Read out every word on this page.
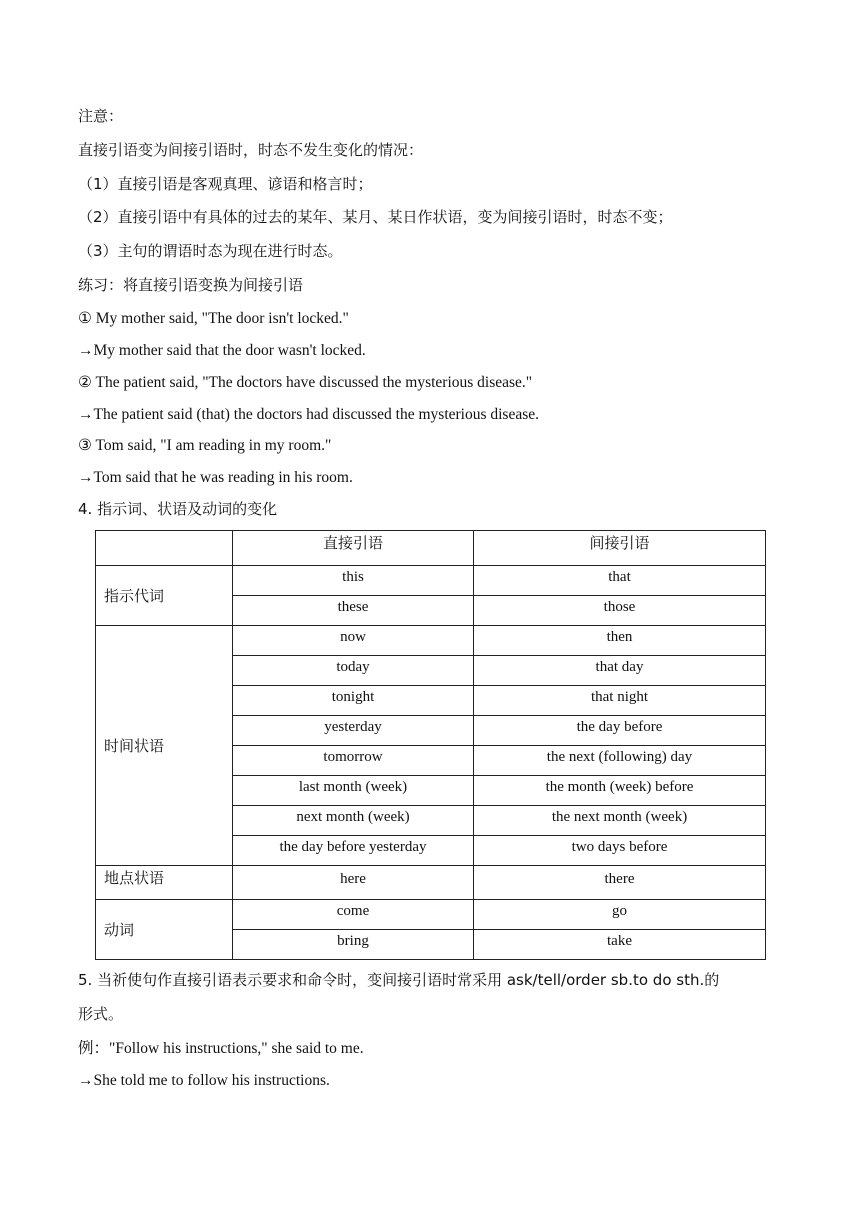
注意：

直接引语变为间接引语时，时态不发生变化的情况：

（1）直接引语是客观真理、谚语和格言时；

（2）直接引语中有具体的过去的某年、某月、某日作状语，变为间接引语时，时态不变；

（3）主句的谓语时态为现在进行时态。

练习：将直接引语变换为间接引语

① My mother said, "The door isn't locked."

→My mother said that the door wasn't locked.

② The patient said, "The doctors have discussed the mysterious disease."

→The patient said (that) the doctors had discussed the mysterious disease.

③ Tom said, "I am reading in my room."

→Tom said that he was reading in his room.

4. 指示词、状语及动词的变化

	直接引语	间接引语
指示代词	this	that
	these	those
时间状语	now	then
	today	that day
	tonight	that night
	yesterday	the day before
	tomorrow	the next (following) day
	last month (week)	the month (week) before
	next month (week)	the next month (week)
	the day before yesterday	two days before
地点状语	here	there
动词	come	go
	bring	take

5. 当祈使句作直接引语表示要求和命令时，变间接引语时常采用 ask/tell/order sb.to do sth.的

形式。

例："Follow his instructions," she said to me.

→She told me to follow his instructions.
